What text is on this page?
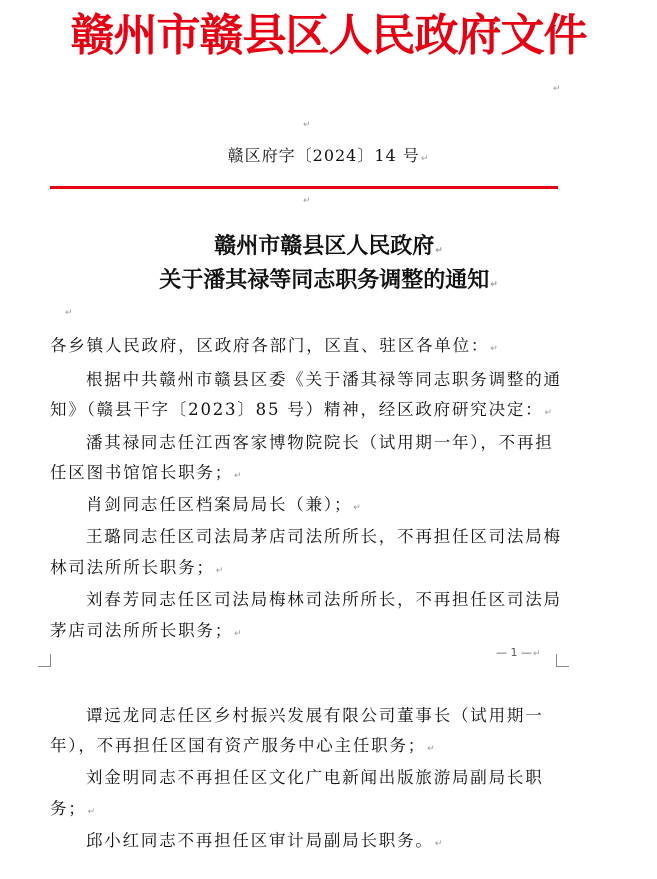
赣州市赣县区人民政府文件
↵
↵
赣区府字〔2024〕14 号↵
↵
赣州市赣县区人民政府↵
关于潘其禄等同志职务调整的通知↵
↵
各乡镇人民政府，区政府各部门，区直、驻区各单位：↵
根据中共赣州市赣县区委《关于潘其禄等同志职务调整的通
知》（赣县干字〔2023〕85 号）精神，经区政府研究决定：↵
潘其禄同志任江西客家博物院院长（试用期一年），不再担
任区图书馆馆长职务；↵
肖剑同志任区档案局局长（兼）；↵
王璐同志任区司法局茅店司法所所长，不再担任区司法局梅
林司法所所长职务；↵
刘春芳同志任区司法局梅林司法所所长，不再担任区司法局
茅店司法所所长职务；↵
— 1 —↵
谭远龙同志任区乡村振兴发展有限公司董事长（试用期一
年），不再担任区国有资产服务中心主任职务；↵
刘金明同志不再担任区文化广电新闻出版旅游局副局长职
务；↵
邱小红同志不再担任区审计局副局长职务。↵
